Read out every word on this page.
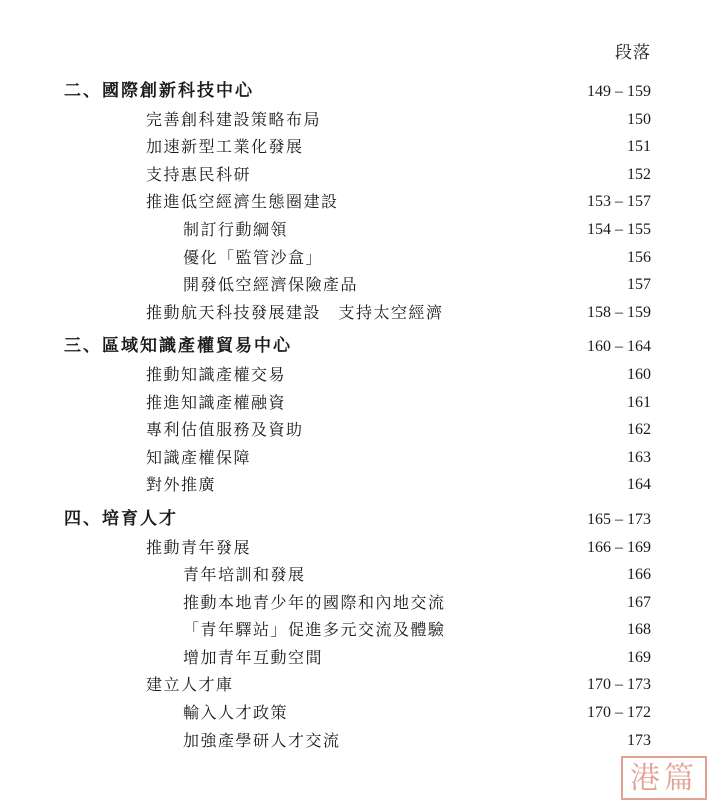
段落
二、國際創新科技中心	149 – 159
完善創科建設策略布局	150
加速新型工業化發展	151
支持惠民科研	152
推進低空經濟生態圈建設	153 – 157
制訂行動綱領	154 – 155
優化「監管沙盒」	156
開發低空經濟保險產品	157
推動航天科技發展建設　支持太空經濟	158 – 159
三、區域知識產權貿易中心	160 – 164
推動知識產權交易	160
推進知識產權融資	161
專利估值服務及資助	162
知識產權保障	163
對外推廣	164
四、培育人才	165 – 173
推動青年發展	166 – 169
青年培訓和發展	166
推動本地青少年的國際和內地交流	167
「青年驛站」促進多元交流及體驗	168
增加青年互動空間	169
建立人才庫	170 – 173
輸入人才政策	170 – 172
加強產學研人才交流	173
港篇
